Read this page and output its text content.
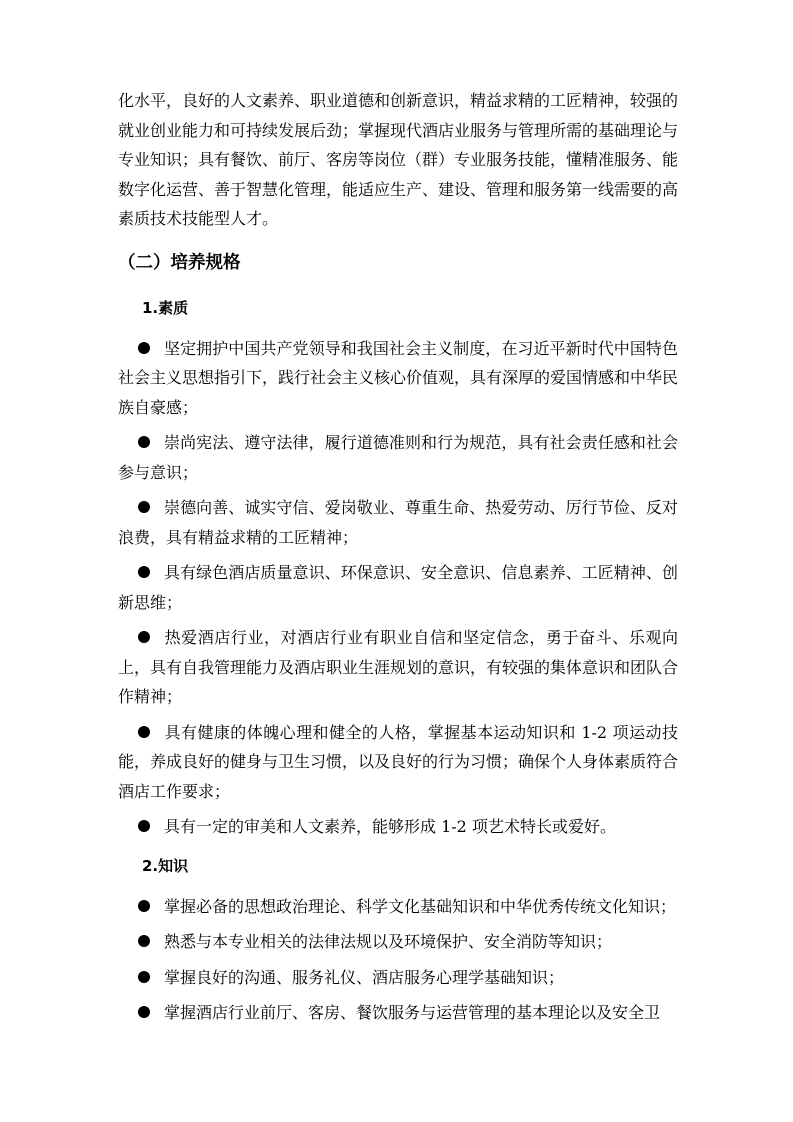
化水平，良好的人文素养、职业道德和创新意识，精益求精的工匠精神，较强的就业创业能力和可持续发展后劲；掌握现代酒店业服务与管理所需的基础理论与专业知识；具有餐饮、前厅、客房等岗位（群）专业服务技能，懂精准服务、能数字化运营、善于智慧化管理，能适应生产、建设、管理和服务第一线需要的高素质技术技能型人才。

（二）培养规格
1.素质

坚定拥护中国共产党领导和我国社会主义制度，在习近平新时代中国特色社会主义思想指引下，践行社会主义核心价值观，具有深厚的爱国情感和中华民族自豪感；

崇尚宪法、遵守法律，履行道德准则和行为规范，具有社会责任感和社会参与意识；

崇德向善、诚实守信、爱岗敬业、尊重生命、热爱劳动、厉行节俭、反对浪费，具有精益求精的工匠精神；

具有绿色酒店质量意识、环保意识、安全意识、信息素养、工匠精神、创新思维；

热爱酒店行业，对酒店行业有职业自信和坚定信念，勇于奋斗、乐观向上，具有自我管理能力及酒店职业生涯规划的意识，有较强的集体意识和团队合作精神；

具有健康的体魄心理和健全的人格，掌握基本运动知识和 1-2 项运动技能，养成良好的健身与卫生习惯，以及良好的行为习惯；确保个人身体素质符合酒店工作要求；

具有一定的审美和人文素养，能够形成 1-2 项艺术特长或爱好。

2.知识

掌握必备的思想政治理论、科学文化基础知识和中华优秀传统文化知识；

熟悉与本专业相关的法律法规以及环境保护、安全消防等知识；

掌握良好的沟通、服务礼仪、酒店服务心理学基础知识；

掌握酒店行业前厅、客房、餐饮服务与运营管理的基本理论以及安全卫
